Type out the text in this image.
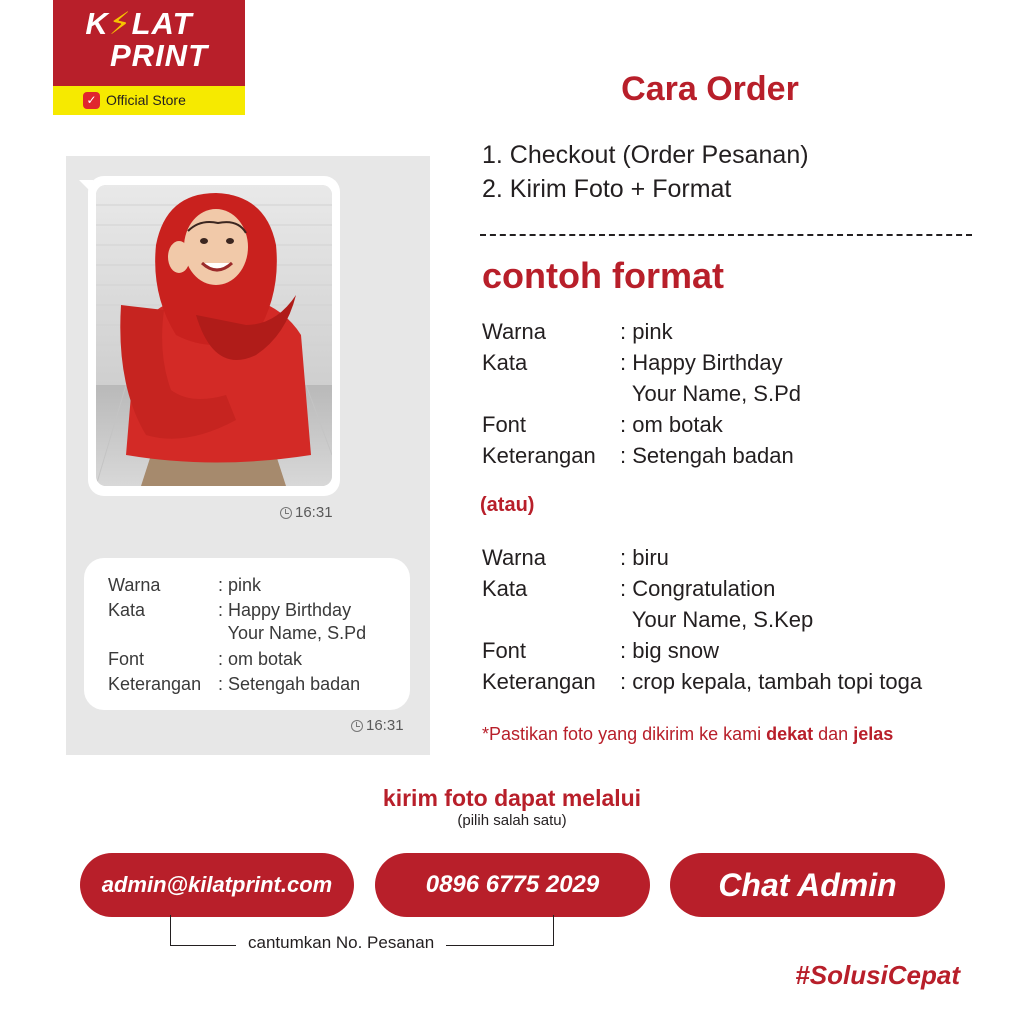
K⚡LAT
PRINT
✓ Official Store
16:31
Warna	: pink
Kata	: Happy Birthday
Your Name, S.Pd
Font	: om botak
Keterangan : Setengah badan
16:31
Cara Order
1. Checkout (Order Pesanan)
2. Kirim Foto + Format
contoh format
Warna	: pink
Kata	: Happy Birthday
Your Name, S.Pd
Font	: om botak
Keterangan	: Setengah badan
(atau)
Warna	: biru
Kata	: Congratulation
Your Name, S.Kep
Font	: big snow
Keterangan	: crop kepala, tambah topi toga
*Pastikan foto yang dikirim ke kami dekat dan jelas
kirim foto dapat melalui
(pilih salah satu)
admin@kilatprint.com	0896 6775 2029	Chat Admin
cantumkan No. Pesanan
#SolusiCepat
